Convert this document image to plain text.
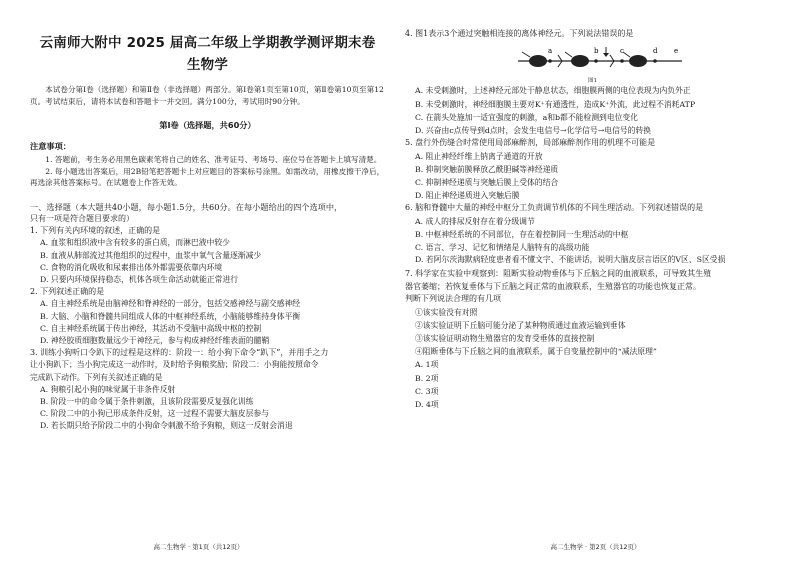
云南师大附中 2025 届高二年级上学期教学测评期末卷
生物学

本试卷分第Ⅰ卷（选择题）和第Ⅱ卷（非选择题）两部分。第Ⅰ卷第1页至第10页，第Ⅱ卷第10页至第12页。考试结束后，请将本试卷和答题卡一并交回。满分100分，考试用时90分钟。

第Ⅰ卷（选择题，共60分）
注意事项：

1. 答题前，考生务必用黑色碳素笔将自己的姓名、准考证号、考场号、座位号在答题卡上填写清楚。

2. 每小题选出答案后，用2B铅笔把答题卡上对应题目的答案标号涂黑。如需改动，用橡皮擦干净后，再选涂其他答案标号。在试题卷上作答无效。

一、选择题（本大题共40小题，每小题1.5分，共60分。在每小题给出的四个选项中，

只有一项是符合题目要求的）

1. 下列有关内环境的叙述，正确的是

A. 血浆和组织液中含有较多的蛋白质，而淋巴液中较少

B. 血液从肺部流过其他组织的过程中，血浆中氧气含量逐渐减少

C. 食物的消化吸收和尿素排出体外都需要依靠内环境

D. 只要内环境保持稳态，机体各项生命活动就能正常进行

2. 下列叙述正确的是

A. 自主神经系统是由脑神经和脊神经的一部分，包括交感神经与副交感神经

B. 大脑、小脑和脊髓共同组成人体的中枢神经系统，小脑能够维持身体平衡

C. 自主神经系统属于传出神经，其活动不受脑中高级中枢的控制

D. 神经胶质细胞数量远少于神经元，参与构成神经纤维表面的髓鞘

3. 训练小狗听口令趴下的过程是这样的：阶段一：给小狗下命令“趴下”，并用手之力

让小狗趴下；当小狗完成这一动作时，及时给予狗粮奖励；阶段二：小狗能按照命令

完成趴下动作。下列有关叙述正确的是

A. 狗粮引起小狗的味觉属于非条件反射

B. 阶段一中的命令属于条件刺激，且该阶段需要反复强化训练

C. 阶段二中的小狗已形成条件反射，这一过程不需要大脑皮层参与

D. 若长期只给予阶段二中的小狗命令刺激不给予狗粮，则这一反射会消退

高二生物学 · 第1页（共12页）

4. 图1表示3个通过突触相连接的离体神经元。下列说法错误的是

a	b	c	d e
图1

A. 未受刺激时，上述神经元部处于静息状态，细胞膜两侧的电位表现为内负外正

B. 未受刺激时，神经细胞膜主要对K⁺有通透性，造成K⁺外流，此过程不消耗ATP

C. 在箭头处施加一适宜强度的刺激，a和b都不能检测到电位变化

D. 兴奋由c点传导到d点时，会发生电信号→化学信号→电信号的转换

5. 盘行外伤缝合时常使用局部麻醉剂，局部麻醉剂作用的机理不可能是

A. 阻止神经纤维上钠离子通道的开放

B. 抑制突触前膜释放乙酰胆碱等神经递质

C. 抑制神经递质与突触后膜上受体的结合

D. 阻止神经递质进入突触后膜

6. 脑和脊髓中大量的神经中枢分工负责调节机体的不同生理活动。下列叙述错误的是

A. 成人的排尿反射存在着分级调节

B. 中枢神经系统的不同部位，存在着控制同一生理活动的中枢

C. 语言、学习、记忆和情绪是人脑特有的高级功能

D. 若阿尔茨海默病轻度患者看不懂文字、不能讲话，说明大脑皮层言语区的V区、S区受损

7. 科学家在实验中观察到：阻断实验动物垂体与下丘脑之间的血液联系，可导致其生殖

器官萎缩；若恢复垂体与下丘脑之间正常的血液联系，生殖器官的功能也恢复正常。

判断下列说法合理的有几项

①该实验没有对照

②该实验证明下丘脑可能分泌了某种物质通过血液运输到垂体

③该实验证明动物生殖器官的发育受垂体的直接控制

④阻断垂体与下丘脑之间的血液联系，属于自变量控制中的“减法原理”

A. 1项

B. 2项

C. 3项

D. 4项

高二生物学 · 第2页（共12页）
